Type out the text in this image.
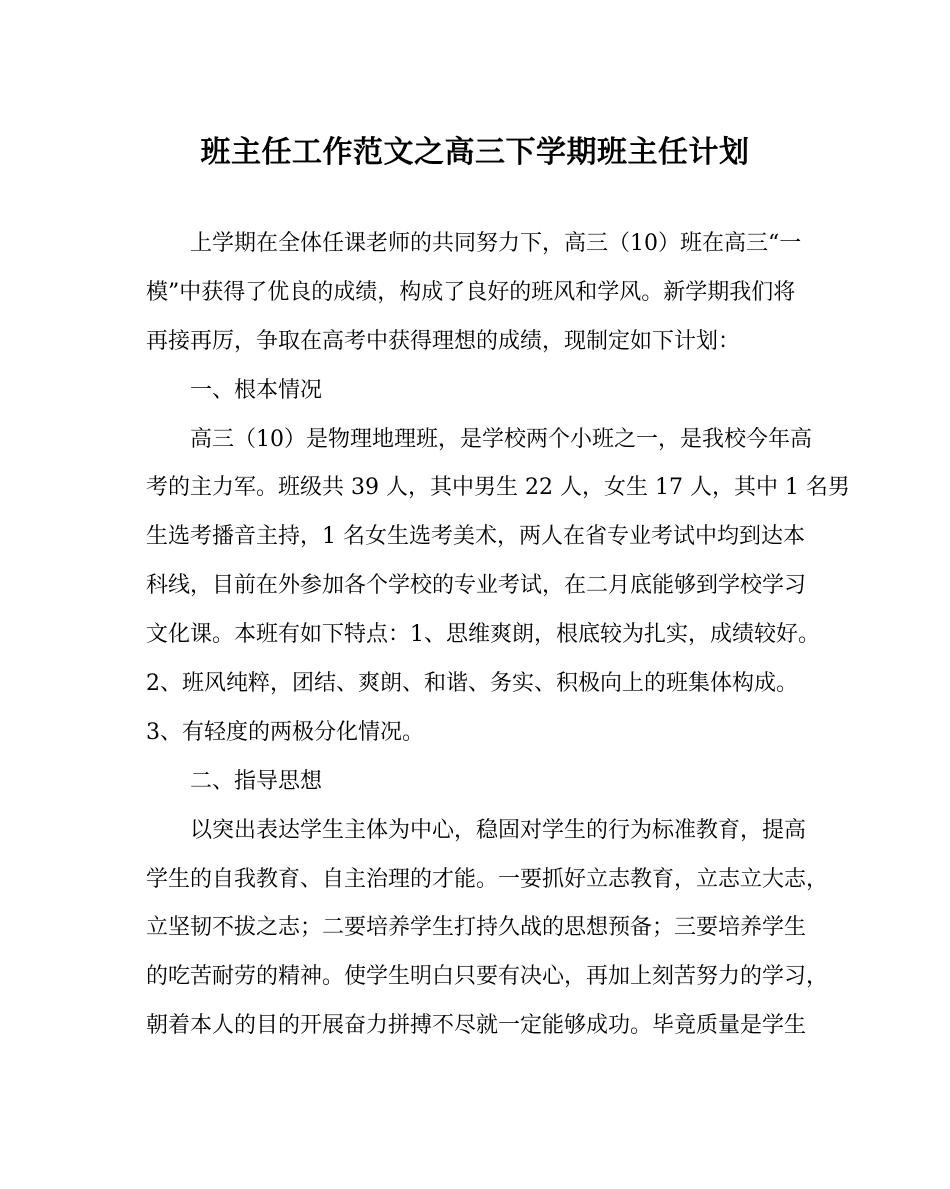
班主任工作范文之高三下学期班主任计划
上学期在全体任课老师的共同努力下，高三（10）班在高三“一
模”中获得了优良的成绩，构成了良好的班风和学风。新学期我们将
再接再厉，争取在高考中获得理想的成绩，现制定如下计划：
一、根本情况
高三（10）是物理地理班，是学校两个小班之一，是我校今年高
考的主力军。班级共 39 人，其中男生 22 人，女生 17 人，其中 1 名男
生选考播音主持，1 名女生选考美术，两人在省专业考试中均到达本
科线，目前在外参加各个学校的专业考试，在二月底能够到学校学习
文化课。本班有如下特点：1、思维爽朗，根底较为扎实，成绩较好。
2、班风纯粹，团结、爽朗、和谐、务实、积极向上的班集体构成。
3、有轻度的两极分化情况。
二、指导思想
以突出表达学生主体为中心，稳固对学生的行为标准教育，提高
学生的自我教育、自主治理的才能。一要抓好立志教育，立志立大志，
立坚韧不拔之志；二要培养学生打持久战的思想预备；三要培养学生
的吃苦耐劳的精神。使学生明白只要有决心，再加上刻苦努力的学习，
朝着本人的目的开展奋力拼搏不尽就一定能够成功。毕竟质量是学生
